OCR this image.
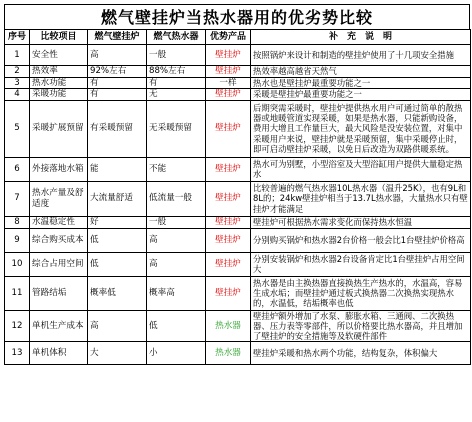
燃气壁挂炉当热水器用的优劣势比较
序号	比较项目	燃气壁挂炉	燃气热水器	优势产品	补　充　说　明
1	安全性	高	一般	壁挂炉	按照锅炉来设计和制造的壁挂炉使用了十几项安全措施
2	热效率	92%左右	88%左右	壁挂炉	热效率越高越省天然气
3	热水功能	有	有	一样	热水也是壁挂炉最重要功能之一
4	采暖功能	有	无	壁挂炉	采暖是壁挂炉最重要功能之一
5	采暖扩展预留	有采暖预留	无采暖预留	壁挂炉	后期突需采暖时，壁挂炉提供热水用户可通过简单的散热器或地暖管道实现采暖，如果是热水器，只能新购设备，费用大增且工作量巨大，最大风险是没安装位置，对集中采暖用户来说，壁挂炉就是采暖预留，集中采暖停止时，即可启动壁挂炉采暖，以免日后改造为双路供暖系统。
6	外接落地水箱	能	不能	壁挂炉	热水可为别墅，小型浴室及大型浴缸用户提供大量稳定热水
7	热水产量及舒适度	大流量舒适	低流量一般	壁挂炉	比较普遍的燃气热水器10L热水器（温升25K），也有9L和8L的；24kw壁挂炉相当于13.7L热水器，大量热水只有壁挂炉才能满足
8	水温稳定性	好	一般	壁挂炉	壁挂炉可根据热水需求变化而保持热水恒温
9	综合购买成本	低	高	壁挂炉	分别购买锅炉和热水器2台价格一般会比1台壁挂炉价格高
10	综合占用空间	低	高	壁挂炉	分别安装锅炉和热水器2台设备肯定比1台壁挂炉占用空间大
11	管路结垢	概率低	概率高	壁挂炉	热水器是由主换热器直接换热生产热水的，水温高，容易生成水垢；而壁挂炉通过板式换热器二次换热实现热水的，水温低，结垢概率也低
12	单机生产成本	高	低	热水器	壁挂炉额外增加了水泵、膨胀水箱、三通阀、二次换热器、压力表等零部件，所以价格要比热水器高，并且增加了壁挂炉的安全措施等及软硬件部件
13	单机体积	大	小	热水器	壁挂炉采暖和热水两个功能，结构复杂，体积偏大
